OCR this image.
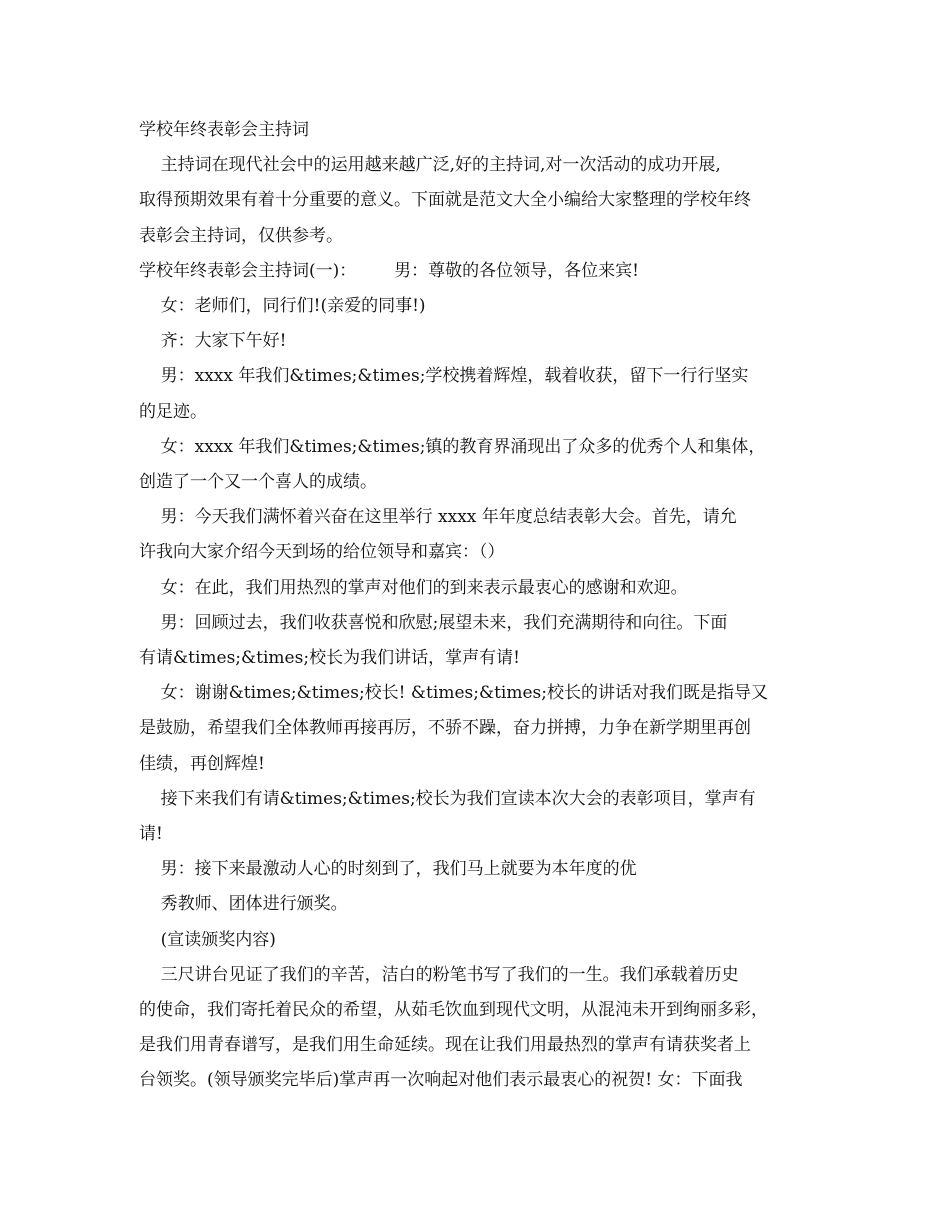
学校年终表彰会主持词
主持词在现代社会中的运用越来越广泛,好的主持词,对一次活动的成功开展,
取得预期效果有着十分重要的意义。下面就是范文大全小编给大家整理的学校年终
表彰会主持词，仅供参考。
学校年终表彰会主持词(一)：       男：尊敬的各位领导，各位来宾!
女：老师们，同行们!(亲爱的同事!)
齐：大家下午好!
男：xxxx 年我们&times;&times;学校携着辉煌，载着收获，留下一行行坚实
的足迹。
女：xxxx 年我们&times;&times;镇的教育界涌现出了众多的优秀个人和集体，
创造了一个又一个喜人的成绩。
男：今天我们满怀着兴奋在这里举行 xxxx 年年度总结表彰大会。首先，请允
许我向大家介绍今天到场的给位领导和嘉宾：（）
女：在此，我们用热烈的掌声对他们的到来表示最衷心的感谢和欢迎。
男：回顾过去，我们收获喜悦和欣慰;展望未来，我们充满期待和向往。下面
有请&times;&times;校长为我们讲话，掌声有请!
女：谢谢&times;&times;校长! &times;&times;校长的讲话对我们既是指导又
是鼓励，希望我们全体教师再接再厉，不骄不躁，奋力拼搏，力争在新学期里再创
佳绩，再创辉煌!
接下来我们有请&times;&times;校长为我们宣读本次大会的表彰项目，掌声有
请!
男：接下来最激动人心的时刻到了，我们马上就要为本年度的优
秀教师、团体进行颁奖。
(宣读颁奖内容)
三尺讲台见证了我们的辛苦，洁白的粉笔书写了我们的一生。我们承载着历史
的使命，我们寄托着民众的希望，从茹毛饮血到现代文明，从混沌未开到绚丽多彩，
是我们用青春谱写，是我们用生命延续。现在让我们用最热烈的掌声有请获奖者上
台领奖。(领导颁奖完毕后)掌声再一次响起对他们表示最衷心的祝贺! 女：下面我
